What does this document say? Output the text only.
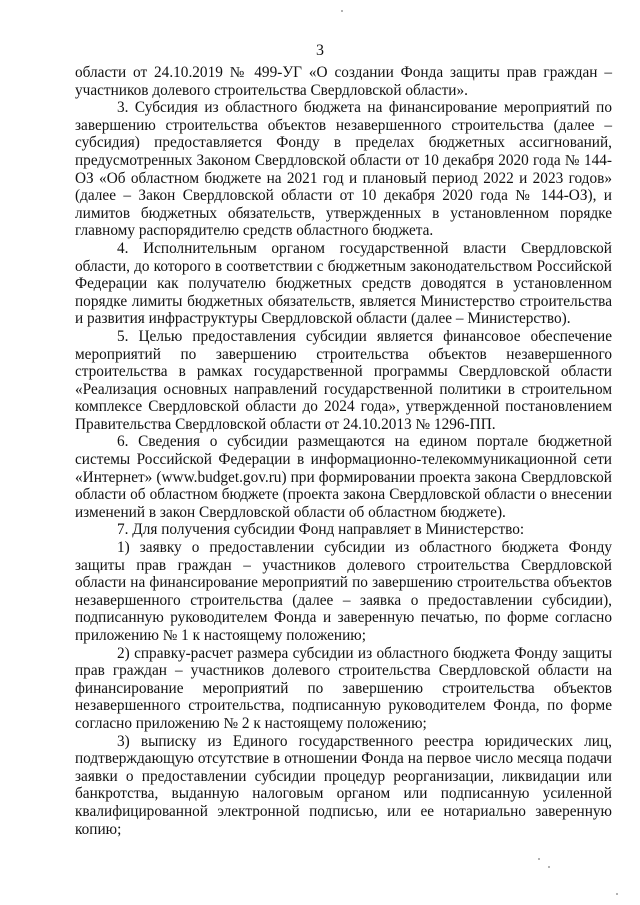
3

области от 24.10.2019 № 499-УГ «О создании Фонда защиты прав граждан – участников долевого строительства Свердловской области».

3. Субсидия из областного бюджета на финансирование мероприятий по завершению строительства объектов незавершенного строительства (далее – субсидия) предоставляется Фонду в пределах бюджетных ассигнований, предусмотренных Законом Свердловской области от 10 декабря 2020 года № 144-ОЗ «Об областном бюджете на 2021 год и плановый период 2022 и 2023 годов» (далее – Закон Свердловской области от 10 декабря 2020 года № 144-ОЗ), и лимитов бюджетных обязательств, утвержденных в установленном порядке главному распорядителю средств областного бюджета.

4. Исполнительным органом государственной власти Свердловской области, до которого в соответствии с бюджетным законодательством Российской Федерации как получателю бюджетных средств доводятся в установленном порядке лимиты бюджетных обязательств, является Министерство строительства и развития инфраструктуры Свердловской области (далее – Министерство).

5. Целью предоставления субсидии является финансовое обеспечение мероприятий по завершению строительства объектов незавершенного строительства в рамках государственной программы Свердловской области «Реализация основных направлений государственной политики в строительном комплексе Свердловской области до 2024 года», утвержденной постановлением Правительства Свердловской области от 24.10.2013 № 1296-ПП.

6. Сведения о субсидии размещаются на едином портале бюджетной системы Российской Федерации в информационно-телекоммуникационной сети «Интернет» (www.budget.gov.ru) при формировании проекта закона Свердловской области об областном бюджете (проекта закона Свердловской области о внесении изменений в закон Свердловской области об областном бюджете).

7. Для получения субсидии Фонд направляет в Министерство:

1) заявку о предоставлении субсидии из областного бюджета Фонду защиты прав граждан – участников долевого строительства Свердловской области на финансирование мероприятий по завершению строительства объектов незавершенного строительства (далее – заявка о предоставлении субсидии), подписанную руководителем Фонда и заверенную печатью, по форме согласно приложению № 1 к настоящему положению;

2) справку-расчет размера субсидии из областного бюджета Фонду защиты прав граждан – участников долевого строительства Свердловской области на финансирование мероприятий по завершению строительства объектов незавершенного строительства, подписанную руководителем Фонда, по форме согласно приложению № 2 к настоящему положению;

3) выписку из Единого государственного реестра юридических лиц, подтверждающую отсутствие в отношении Фонда на первое число месяца подачи заявки о предоставлении субсидии процедур реорганизации, ликвидации или банкротства, выданную налоговым органом или подписанную усиленной квалифицированной электронной подписью, или ее нотариально заверенную копию;
